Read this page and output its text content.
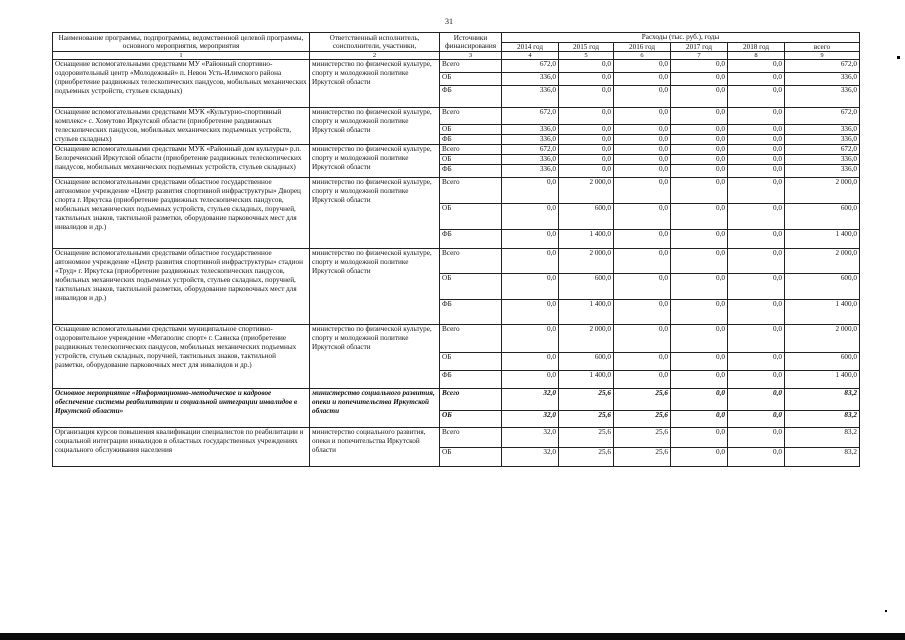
31
Наименование программы, подпрограммы, ведомственной целевой программы, основного мероприятия, мероприятия	Ответственный исполнитель, соисполнители, участники,	Источники финансирования	Расходы (тыс. руб.), годы					
			2014 год	2015 год	2016 год	2017 год	2018 год	всего
1	2	3	4	5	6	7	8	9
Оснащение вспомогательными средствами МУ «Районный спортивно-оздоровительный центр «Молодежный» п. Невон Усть-Илимского района (приобретение раздвижных телескопических пандусов, мобильных механических подъемных устройств, стульев складных)	министерство по физической культуре, спорту и молодежной политике Иркутской области	Всего	672,0	0,0	0,0	0,0	0,0	672,0
		ОБ	336,0	0,0	0,0	0,0	0,0	336,0
		ФБ	336,0	0,0	0,0	0,0	0,0	336,0
Оснащение вспомогательными средствами МУК «Культурно-спортивный комплекс» с. Хомутово Иркутской области (приобретение раздвижных телескопических пандусов, мобильных механических подъемных устройств, стульев складных)	министерство по физической культуре, спорту и молодежной политике Иркутской области	Всего	672,0	0,0	0,0	0,0	0,0	672,0
		ОБ	336,0	0,0	0,0	0,0	0,0	336,0
		ФБ	336,0	0,0	0,0	0,0	0,0	336,0
Оснащение вспомогательными средствами МУК «Районный дом культуры» р.п. Белореченский Иркутской области (приобретение раздвижных телескопических пандусов, мобильных механических подъемных устройств, стульев складных)	министерство по физической культуре, спорту и молодежной политике Иркутской области	Всего	672,0	0,0	0,0	0,0	0,0	672,0
		ОБ	336,0	0,0	0,0	0,0	0,0	336,0
		ФБ	336,0	0,0	0,0	0,0	0,0	336,0
Оснащение вспомогательными средствами областное государственное автономное учреждение «Центр развития спортивной инфраструктуры» Дворец спорта г. Иркутска (приобретение раздвижных телескопических пандусов, мобильных механических подъемных устройств, стульев складных, поручней, тактильных знаков, тактильной разметки, оборудование парковочных мест для инвалидов и др.)	министерство по физической культуре, спорту и молодежной политике Иркутской области	Всего	0,0	2 000,0	0,0	0,0	0,0	2 000,0
		ОБ	0,0	600,0	0,0	0,0	0,0	600,0
		ФБ	0,0	1 400,0	0,0	0,0	0,0	1 400,0
Оснащение вспомогательными средствами областное государственное автономное учреждение «Центр развития спортивной инфраструктуры» стадион «Труд» г. Иркутска (приобретение раздвижных телескопических пандусов, мобильных механических подъемных устройств, стульев складных, поручней, тактильных знаков, тактильной разметки, оборудование парковочных мест для инвалидов и др.)	министерство по физической культуре, спорту и молодежной политике Иркутской области	Всего	0,0	2 000,0	0,0	0,0	0,0	2 000,0
		ОБ	0,0	600,0	0,0	0,0	0,0	600,0
		ФБ	0,0	1 400,0	0,0	0,0	0,0	1 400,0
Оснащение вспомогательными средствами муниципальное спортивно-оздоровительное учреждение «Мегаполис спорт» г. Саянска (приобретение раздвижных телескопических пандусов, мобильных механических подъемных устройств, стульев складных, поручней, тактильных знаков, тактильной разметки, оборудование парковочных мест для инвалидов и др.)	министерство по физической культуре, спорту и молодежной политике Иркутской области	Всего	0,0	2 000,0	0,0	0,0	0,0	2 000,0
		ОБ	0,0	600,0	0,0	0,0	0,0	600,0
		ФБ	0,0	1 400,0	0,0	0,0	0,0	1 400,0
Основное мероприятие «Информационно-методическое и кадровое обеспечение системы реабилитации и социальной интеграции инвалидов в Иркутской области»	министерство социального развития, опеки и попечительства Иркутской области	Всего	32,0	25,6	25,6	0,0	0,0	83,2
		ОБ	32,0	25,6	25,6	0,0	0,0	83,2
Организация курсов повышения квалификации специалистов по реабилитации и социальной интеграции инвалидов в областных государственных учреждениях социального обслуживания населения	министерство социального развития, опеки и попечительства Иркутской области	Всего	32,0	25,6	25,6	0,0	0,0	83,2
		ОБ	32,0	25,6	25,6	0,0	0,0	83,2
